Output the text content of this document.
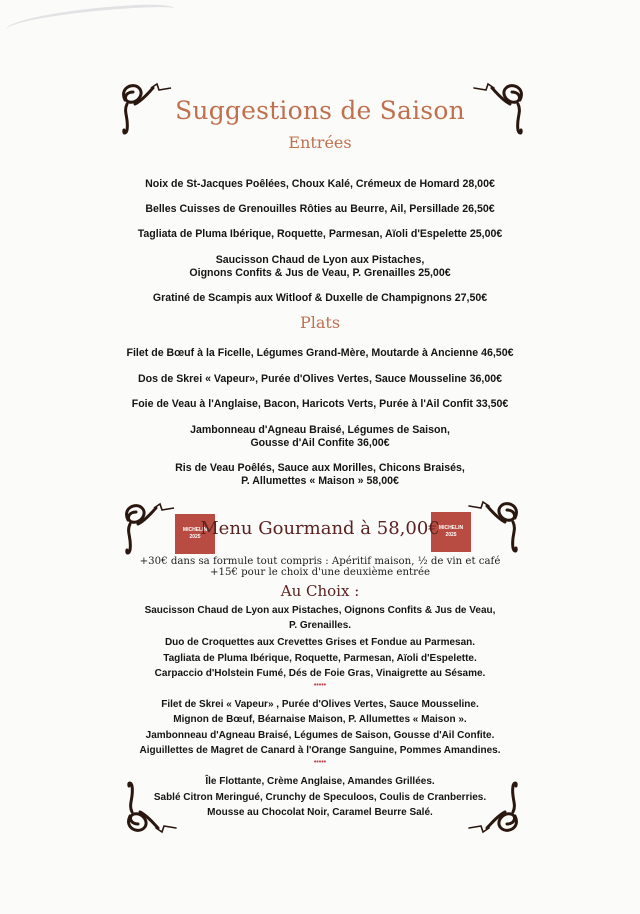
Suggestions de Saison
Entrées
Noix de St-Jacques Poêlées, Choux Kalé, Crémeux de Homard 28,00€
Belles Cuisses de Grenouilles Rôties au Beurre, Ail, Persillade 26,50€
Tagliata de Pluma Ibérique, Roquette, Parmesan, Aïoli d'Espelette 25,00€
Saucisson Chaud de Lyon aux Pistaches,
Oignons Confits & Jus de Veau, P. Grenailles 25,00€
Gratiné de Scampis aux Witloof & Duxelle de Champignons 27,50€
Plats
Filet de Bœuf à la Ficelle, Légumes Grand-Mère, Moutarde à Ancienne 46,50€
Dos de Skrei « Vapeur», Purée d'Olives Vertes, Sauce Mousseline 36,00€
Foie de Veau à l'Anglaise, Bacon, Haricots Verts, Purée à l'Ail Confit 33,50€
Jambonneau d'Agneau Braisé, Légumes de Saison,
Gousse d'Ail Confite 36,00€
Ris de Veau Poêlés, Sauce aux Morilles, Chicons Braisés,
P. Allumettes « Maison » 58,00€
MICHELIN
2025
MICHELIN
2025
Menu Gourmand à 58,00€
+30€ dans sa formule tout compris : Apéritif maison, ½ de vin et café
+15€ pour le choix d'une deuxième entrée
Au Choix :
Saucisson Chaud de Lyon aux Pistaches, Oignons Confits & Jus de Veau,
P. Grenailles.
Duo de Croquettes aux Crevettes Grises et Fondue au Parmesan.
Tagliata de Pluma Ibérique, Roquette, Parmesan, Aïoli d'Espelette.
Carpaccio d'Holstein Fumé, Dés de Foie Gras, Vinaigrette au Sésame.
•••••
Filet de Skrei « Vapeur» , Purée d'Olives Vertes, Sauce Mousseline.
Mignon de Bœuf, Béarnaise Maison, P. Allumettes « Maison ».
Jambonneau d'Agneau Braisé, Légumes de Saison, Gousse d'Ail Confite.
Aiguillettes de Magret de Canard à l'Orange Sanguine, Pommes Amandines.
•••••
Île Flottante, Crème Anglaise, Amandes Grillées.
Sablé Citron Meringué, Crunchy de Speculoos, Coulis de Cranberries.
Mousse au Chocolat Noir, Caramel Beurre Salé.
